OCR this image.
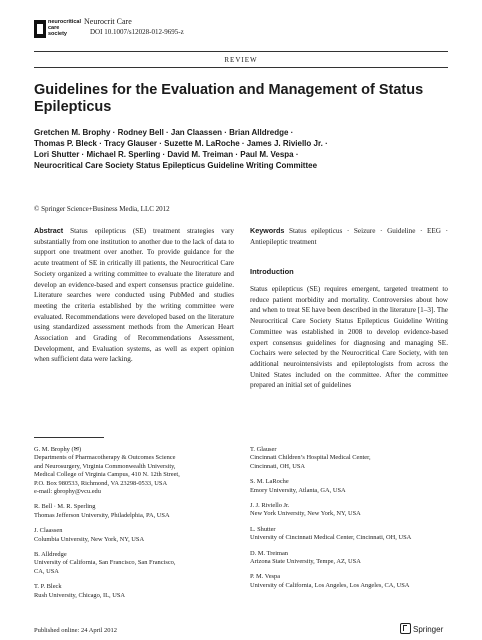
neurocritical
care
society
Neurocrit Care
DOI 10.1007/s12028-012-9695-z
REVIEW
Guidelines for the Evaluation and Management of Status Epilepticus
Gretchen M. Brophy · Rodney Bell · Jan Claassen · Brian Alldredge ·
Thomas P. Bleck · Tracy Glauser · Suzette M. LaRoche · James J. Riviello Jr. ·
Lori Shutter · Michael R. Sperling · David M. Treiman · Paul M. Vespa ·
Neurocritical Care Society Status Epilepticus Guideline Writing Committee
© Springer Science+Business Media, LLC 2012
Abstract Status epilepticus (SE) treatment strategies vary substantially from one institution to another due to the lack of data to support one treatment over another. To provide guidance for the acute treatment of SE in critically ill patients, the Neurocritical Care Society organized a writing committee to evaluate the literature and develop an evidence-based and expert consensus practice guideline. Literature searches were conducted using PubMed and studies meeting the criteria established by the writing committee were evaluated. Recommendations were developed based on the literature using standardized assessment methods from the American Heart Association and Grading of Recommendations Assessment, Development, and Evaluation systems, as well as expert opinion when sufficient data were lacking.
Keywords Status epilepticus · Seizure · Guideline · EEG · Antiepileptic treatment
Introduction
Status epilepticus (SE) requires emergent, targeted treatment to reduce patient morbidity and mortality. Controversies about how and when to treat SE have been described in the literature [1–3]. The Neurocritical Care Society Status Epilepticus Guideline Writing Committee was established in 2008 to develop evidence-based expert consensus guidelines for diagnosing and managing SE. Cochairs were selected by the Neurocritical Care Society, with ten additional neurointensivists and epileptologists from across the United States included on the committee. After the committee prepared an initial set of guidelines

G. M. Brophy (✉)
Departments of Pharmacotherapy & Outcomes Science
and Neurosurgery, Virginia Commonwealth University,
Medical College of Virginia Campus, 410 N. 12th Street,
P.O. Box 980533, Richmond, VA 23298-0533, USA
e-mail: gbrophy@vcu.edu

R. Bell · M. R. Sperling
Thomas Jefferson University, Philadelphia, PA, USA

J. Claassen
Columbia University, New York, NY, USA

B. Alldredge
University of California, San Francisco, San Francisco,
CA, USA

T. P. Bleck
Rush University, Chicago, IL, USA

T. Glauser
Cincinnati Children’s Hospital Medical Center,
Cincinnati, OH, USA

S. M. LaRoche
Emory University, Atlanta, GA, USA

J. J. Riviello Jr.
New York University, New York, NY, USA

L. Shutter
University of Cincinnati Medical Center, Cincinnati, OH, USA

D. M. Treiman
Arizona State University, Tempe, AZ, USA

P. M. Vespa
University of California, Los Angeles, Los Angeles, CA, USA

Published online: 24 April 2012	Springer
